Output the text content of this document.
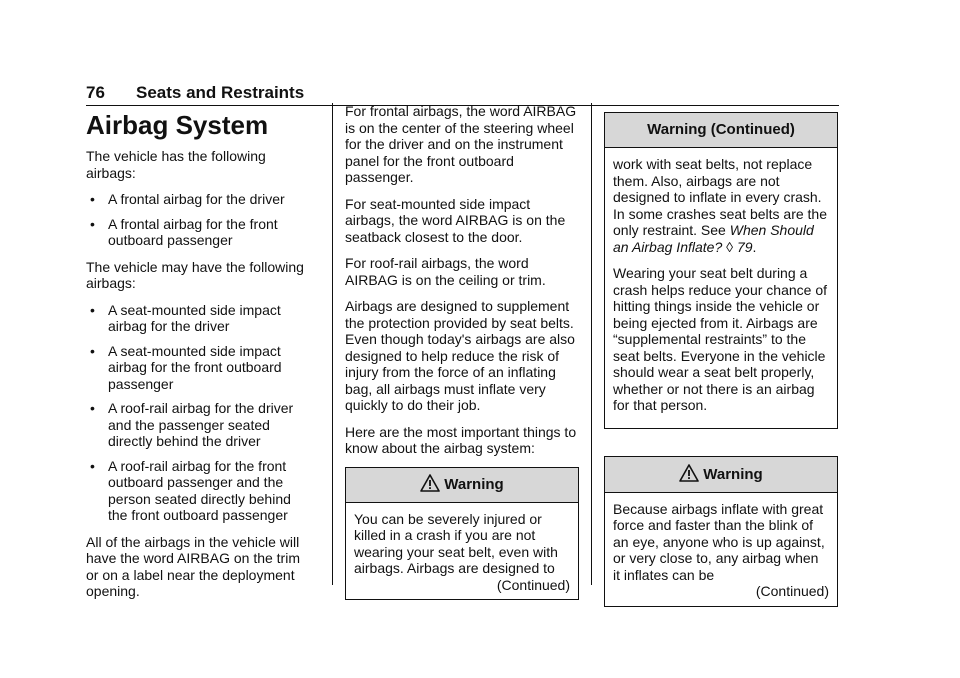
76 Seats and Restraints
Airbag System

The vehicle has the following airbags:

• A frontal airbag for the driver
• A frontal airbag for the front outboard passenger

The vehicle may have the following airbags:

• A seat-mounted side impact airbag for the driver
• A seat-mounted side impact airbag for the front outboard passenger
• A roof-rail airbag for the driver and the passenger seated directly behind the driver
• A roof-rail airbag for the front outboard passenger and the person seated directly behind the front outboard passenger

All of the airbags in the vehicle will have the word AIRBAG on the trim or on a label near the deployment opening.

For frontal airbags, the word AIRBAG is on the center of the steering wheel for the driver and on the instrument panel for the front outboard passenger.

For seat-mounted side impact airbags, the word AIRBAG is on the seatback closest to the door.

For roof-rail airbags, the word AIRBAG is on the ceiling or trim.

Airbags are designed to supplement the protection provided by seat belts. Even though today's airbags are also designed to help reduce the risk of injury from the force of an inflating bag, all airbags must inflate very quickly to do their job.

Here are the most important things to know about the airbag system:

Warning
You can be severely injured or killed in a crash if you are not wearing your seat belt, even with airbags. Airbags are designed to
(Continued)
Warning (Continued)

work with seat belts, not replace them. Also, airbags are not designed to inflate in every crash. In some crashes seat belts are the only restraint. See When Should an Airbag Inflate? ◊ 79.

Wearing your seat belt during a crash helps reduce your chance of hitting things inside the vehicle or being ejected from it. Airbags are “supplemental restraints” to the seat belts. Everyone in the vehicle should wear a seat belt properly, whether or not there is an airbag for that person.

Warning
Because airbags inflate with great force and faster than the blink of an eye, anyone who is up against, or very close to, any airbag when it inflates can be
(Continued)
